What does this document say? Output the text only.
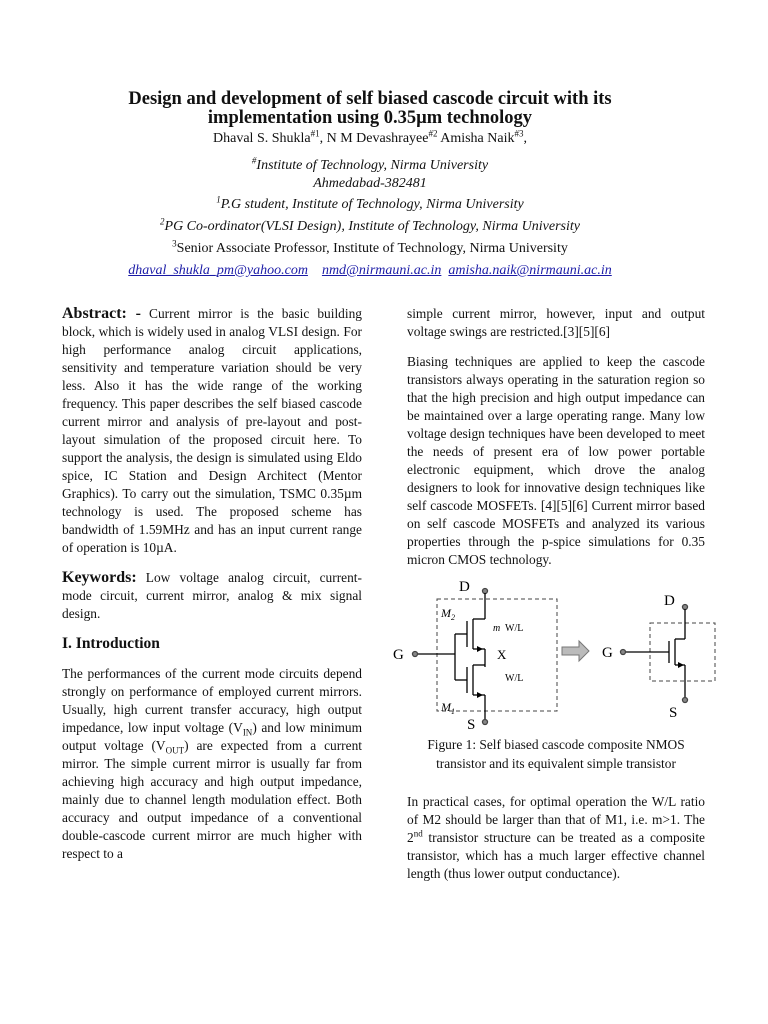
Design and development of self biased cascode circuit with its
implementation using 0.35µm technology
Dhaval S. Shukla$^{\#1}$, N M Devashrayee$^{\#2}$ Amisha Naik$^{\#3}$,
#Institute of Technology, Nirma University
Ahmedabad-382481
$^1$P.G student, Institute of Technology, Nirma University
$^2$PG Co-ordinator(VLSI Design), Institute of Technology, Nirma University
$^3$Senior Associate Professor, Institute of Technology, Nirma University
dhaval_shukla_pm@yahoo.com nmd@nirmauni.ac.in amisha.naik@nirmauni.ac.in

Abstract: - Current mirror is the basic building block, which is widely used in analog VLSI design. For high performance analog circuit applications, sensitivity and temperature variation should be very less. Also it has the wide range of the working frequency. This paper describes the self biased cascode current mirror and analysis of pre-layout and post-layout simulation of the proposed circuit here. To support the analysis, the design is simulated using Eldo spice, IC Station and Design Architect (Mentor Graphics). To carry out the simulation, TSMC 0.35µm technology is used. The proposed scheme has bandwidth of 1.59MHz and has an input current range of operation is 10µA.

Keywords: Low voltage analog circuit, current-mode circuit, current mirror, analog & mix signal design.

I. Introduction

The performances of the current mode circuits depend strongly on performance of employed current mirrors. Usually, high current transfer accuracy, high output impedance, low input voltage $(V_{IN})$ and low minimum output voltage $(V_{OUT})$ are expected from a current mirror. The simple current mirror is usually far from achieving high accuracy and high output impedance, mainly due to channel length modulation effect. Both accuracy and output impedance of a conventional double-cascode current mirror are much higher with respect to a

simple current mirror, however, input and output voltage swings are restricted.[3][5][6]

Biasing techniques are applied to keep the cascode transistors always operating in the saturation region so that the high precision and high output impedance can be maintained over a large operating range. Many low voltage design techniques have been developed to meet the needs of present era of low power portable electronic equipment, which drove the analog designers to look for innovative design techniques like self cascode MOSFETs. [4][5][6] Current mirror based on self cascode MOSFETs and analyzed its various properties through the p-spice simulations for 0.35 micron CMOS technology.

D
$M_2$
m W/L
X
W/L
$M_1$
G
S
D
G
S

Figure 1: Self biased cascode composite NMOS transistor and its equivalent simple transistor

In practical cases, for optimal operation the W/L ratio of M2 should be larger than that of M1, i.e. m>1. The 2nd transistor structure can be treated as a composite transistor, which has a much larger effective channel length (thus lower output conductance).
